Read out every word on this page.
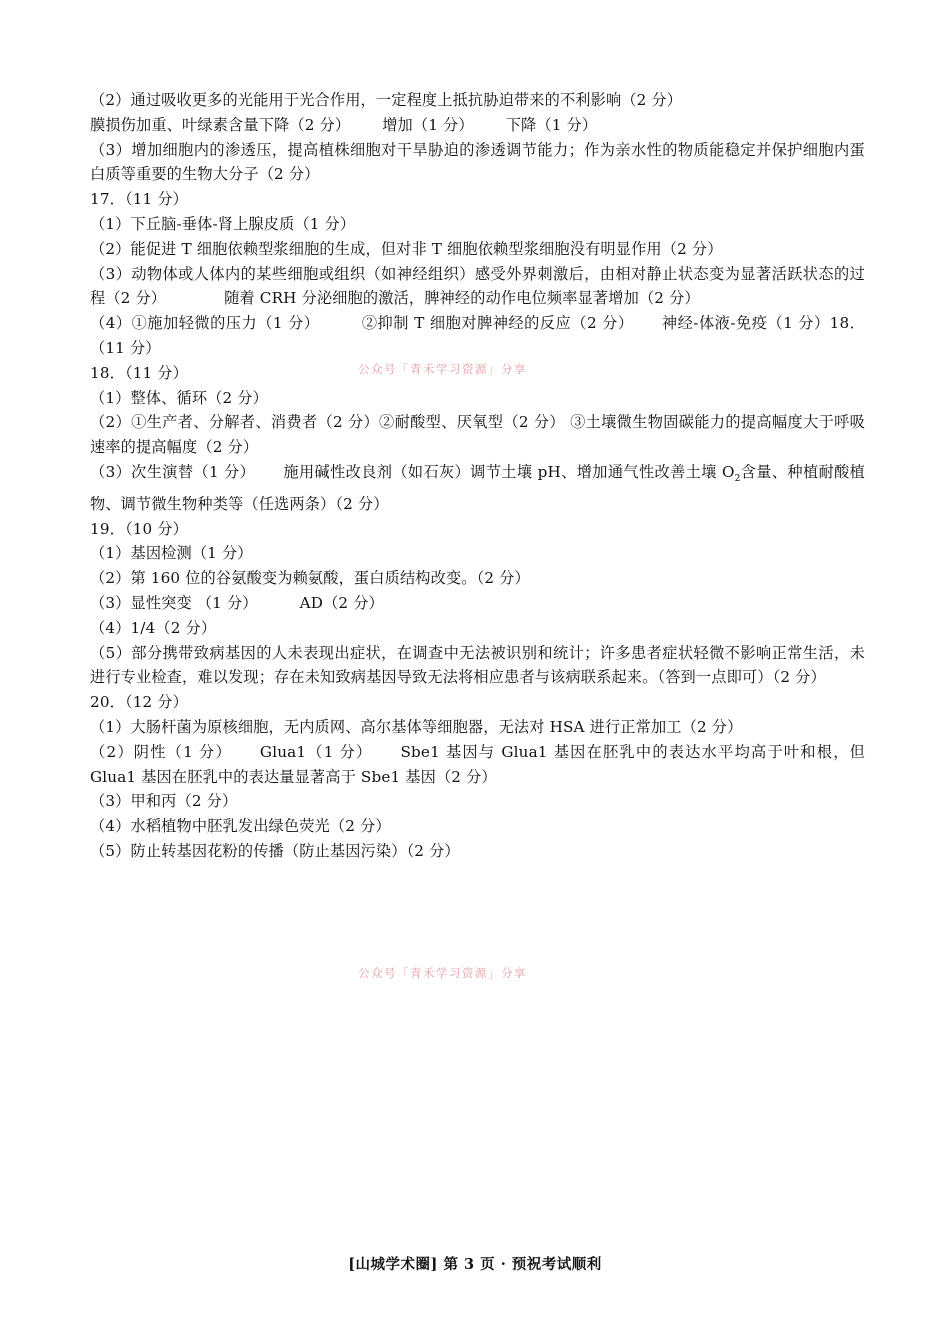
（2）通过吸收更多的光能用于光合作用，一定程度上抵抗胁迫带来的不利影响（2 分）
膜损伤加重、叶绿素含量下降（2 分） 增加（1 分） 下降（1 分）
（3）增加细胞内的渗透压，提高植株细胞对干旱胁迫的渗透调节能力；作为亲水性的物质能稳定并保护细胞内蛋白质等重要的生物大分子（2 分）
17．（11 分）
（1）下丘脑-垂体-肾上腺皮质（1 分）
（2）能促进 T 细胞依赖型浆细胞的生成，但对非 T 细胞依赖型浆细胞没有明显作用（2 分）
（3）动物体或人体内的某些细胞或组织（如神经组织）感受外界刺激后，由相对静止状态变为显著活跃状态的过程（2 分）	随着 CRH 分泌细胞的激活，脾神经的动作电位频率显著增加（2 分）
（4）①施加轻微的压力（1 分）	②抑制 T 细胞对脾神经的反应（2 分） 神经-体液-免疫（1 分）18．（11 分）
18．（11 分）
（1）整体、循环（2 分）
（2）①生产者、分解者、消费者（2 分）②耐酸型、厌氧型（2 分） ③土壤微生物固碳能力的提高幅度大于呼吸速率的提高幅度（2 分）
（3）次生演替（1 分） 施用碱性改良剂（如石灰）调节土壤 pH、增加通气性改善土壤 $O_2$含量、种植耐酸植物、调节微生物种类等（任选两条）（2 分）
19．（10 分）
（1）基因检测（1 分）
（2）第 160 位的谷氨酸变为赖氨酸，蛋白质结构改变。（2 分）
（3）显性突变 （1 分）	AD（2 分）
（4）1/4（2 分）
（5）部分携带致病基因的人未表现出症状，在调查中无法被识别和统计；许多患者症状轻微不影响正常生活，未进行专业检查，难以发现；存在未知致病基因导致无法将相应患者与该病联系起来。（答到一点即可）（2 分）
20．（12 分）
（1）大肠杆菌为原核细胞，无内质网、高尔基体等细胞器，无法对 HSA 进行正常加工（2 分）
（2）阴性（1 分） Glua1（1 分） Sbe1 基因与 Glua1 基因在胚乳中的表达水平均高于叶和根，但 Glua1 基因在胚乳中的表达量显著高于 Sbe1 基因（2 分）
（3）甲和丙（2 分）
（4）水稻植物中胚乳发出绿色荧光（2 分）
（5）防止转基因花粉的传播（防止基因污染）（2 分）
公众号「青禾学习资源」分享
公众号「青禾学习资源」分享
[山城学术圈] 第 3 页 · 预祝考试顺利
